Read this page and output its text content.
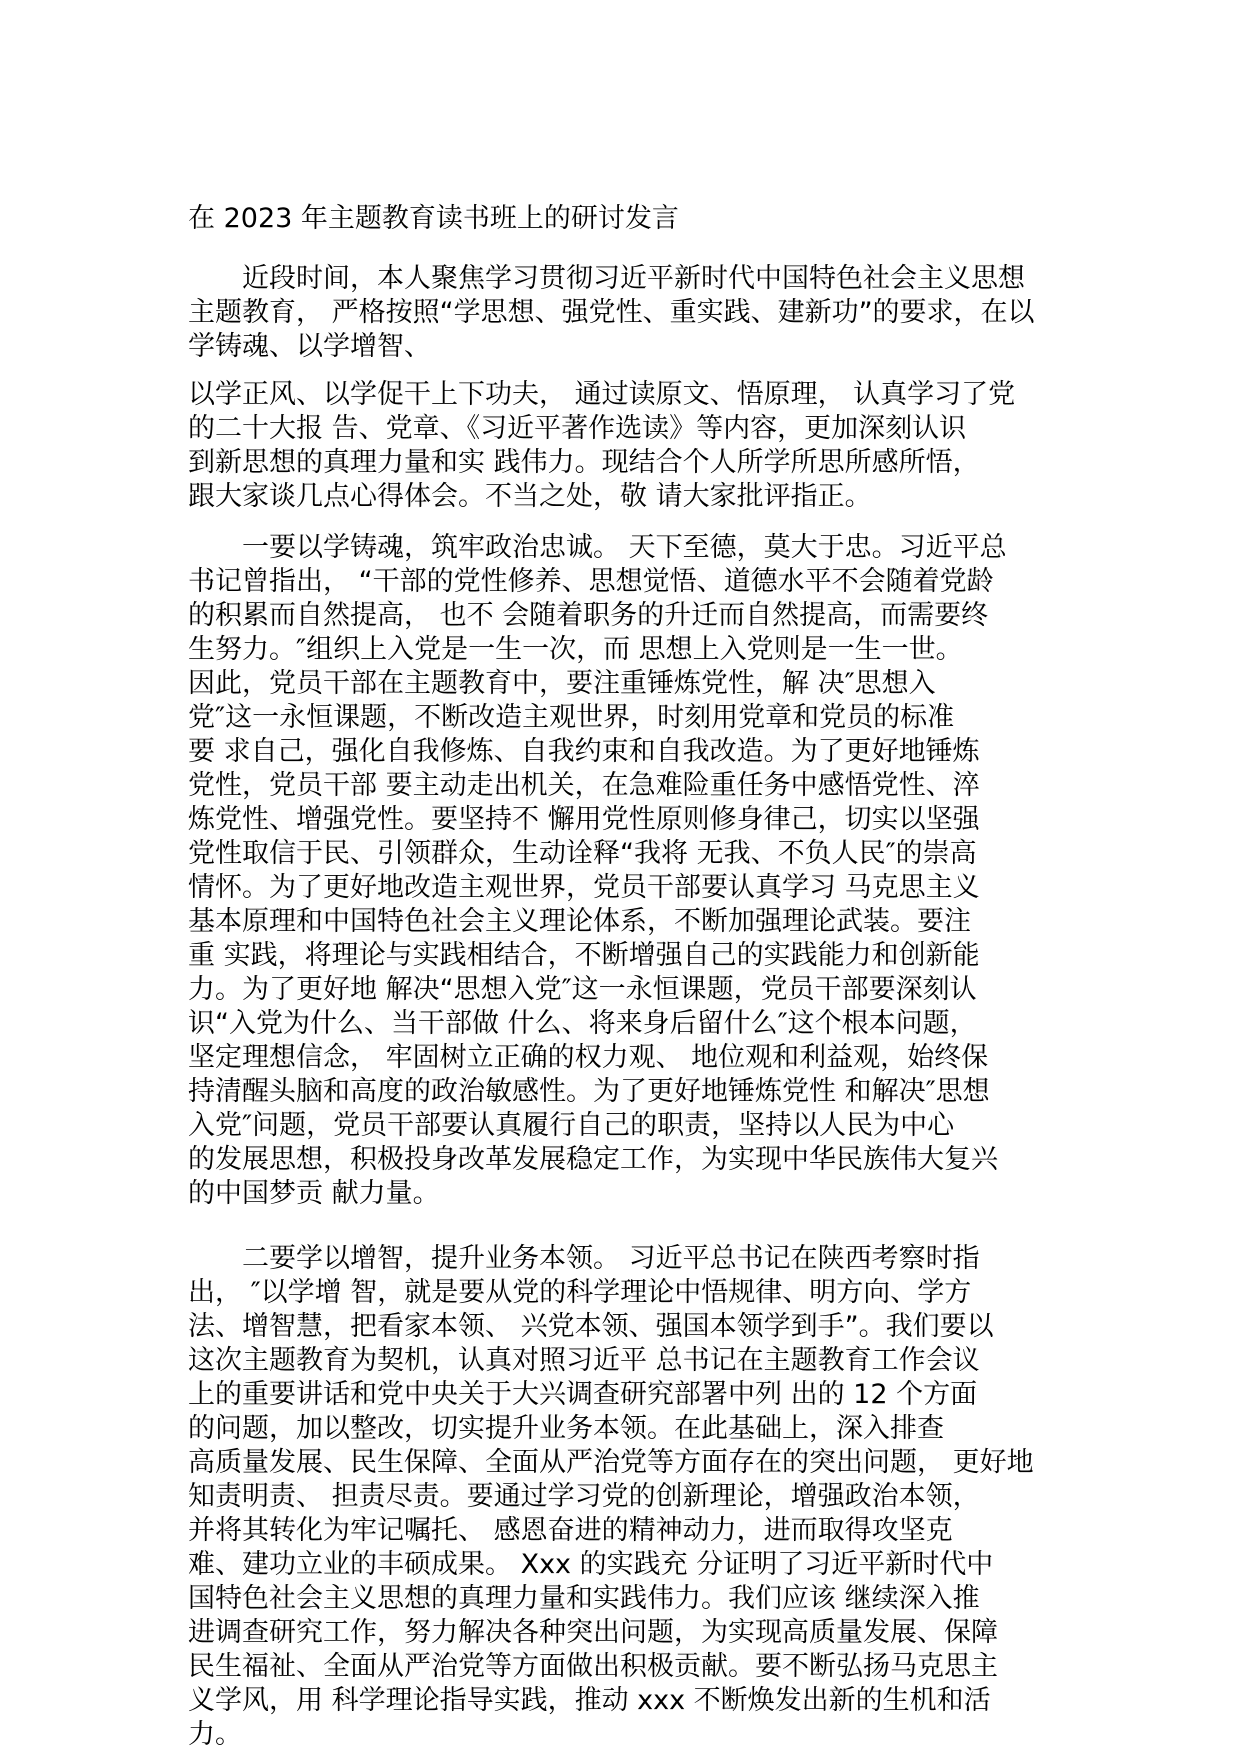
在 2023 年主题教育读书班上的研讨发言
　　近段时间，本人聚焦学习贯彻习近平新时代中国特色社会主义思想
主题教育， 严格按照“学思想、强党性、重实践、建新功”的要求，在以
学铸魂、以学增智、
以学正风、以学促干上下功夫， 通过读原文、悟原理， 认真学习了党
的二十大报 告、党章、《习近平著作选读》等内容，更加深刻认识
到新思想的真理力量和实 践伟力。现结合个人所学所思所感所悟，
跟大家谈几点心得体会。不当之处，敬 请大家批评指正。
　　一要以学铸魂，筑牢政治忠诚。 天下至德，莫大于忠。习近平总
书记曾指出， “干部的党性修养、思想觉悟、道德水平不会随着党龄
的积累而自然提高， 也不 会随着职务的升迁而自然提高，而需要终
生努力。″组织上入党是一生一次，而 思想上入党则是一生一世。
因此，党员干部在主题教育中，要注重锤炼党性，解 决″思想入
党″这一永恒课题，不断改造主观世界，时刻用党章和党员的标准
要 求自己，强化自我修炼、自我约束和自我改造。为了更好地锤炼
党性，党员干部 要主动走出机关，在急难险重任务中感悟党性、淬
炼党性、增强党性。要坚持不 懈用党性原则修身律己，切实以坚强
党性取信于民、引领群众，生动诠释“我将 无我、不负人民″的崇高
情怀。为了更好地改造主观世界，党员干部要认真学习 马克思主义
基本原理和中国特色社会主义理论体系，不断加强理论武装。要注
重 实践，将理论与实践相结合，不断增强自己的实践能力和创新能
力。为了更好地 解决“思想入党″这一永恒课题，党员干部要深刻认
识“入党为什么、当干部做 什么、将来身后留什么″这个根本问题，
坚定理想信念， 牢固树立正确的权力观、 地位观和利益观，始终保
持清醒头脑和高度的政治敏感性。为了更好地锤炼党性 和解决″思想
入党″问题，党员干部要认真履行自己的职责，坚持以人民为中心
的发展思想，积极投身改革发展稳定工作，为实现中华民族伟大复兴
的中国梦贡 献力量。
　　二要学以增智，提升业务本领。 习近平总书记在陕西考察时指
出， ″以学增 智，就是要从党的科学理论中悟规律、明方向、学方
法、增智慧，把看家本领、 兴党本领、强国本领学到手”。我们要以
这次主题教育为契机，认真对照习近平 总书记在主题教育工作会议
上的重要讲话和党中央关于大兴调查研究部署中列 出的 12 个方面
的问题，加以整改，切实提升业务本领。在此基础上，深入排查
高质量发展、民生保障、全面从严治党等方面存在的突出问题， 更好地
知责明责、 担责尽责。要通过学习党的创新理论，增强政治本领，
并将其转化为牢记嘱托、 感恩奋进的精神动力，进而取得攻坚克
难、建功立业的丰硕成果。 Xxx 的实践充 分证明了习近平新时代中
国特色社会主义思想的真理力量和实践伟力。我们应该 继续深入推
进调查研究工作，努力解决各种突出问题，为实现高质量发展、保障
民生福祉、全面从严治党等方面做出积极贡献。要不断弘扬马克思主
义学风，用 科学理论指导实践，推动 xxx 不断焕发出新的生机和活
力。
